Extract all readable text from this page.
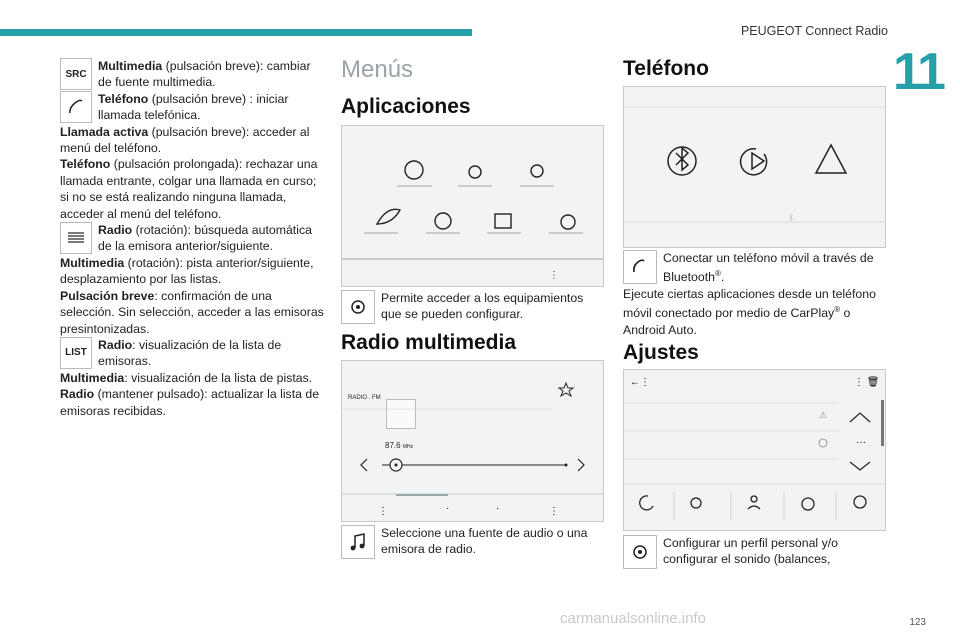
PEUGEOT Connect Radio
11
SRC

Multimedia (pulsación breve): cambiar de fuente multimedia.

Teléfono (pulsación breve) : iniciar llamada telefónica.

Llamada activa (pulsación breve): acceder al menú del teléfono.

Teléfono (pulsación prolongada): rechazar una llamada entrante, colgar una llamada en curso; si no se está realizando ninguna llamada, acceder al menú del teléfono.

Radio (rotación): búsqueda automática de la emisora anterior/siguiente.

Multimedia (rotación): pista anterior/siguiente, desplazamiento por las listas.

Pulsación breve: confirmación de una selección. Sin selección, acceder a las emisoras presintonizadas.

LIST

Radio: visualización de la lista de emisoras.

Multimedia: visualización de la lista de pistas.

Radio (mantener pulsado): actualizar la lista de emisoras recibidas.

Menús
Aplicaciones
⋮

Permite acceder a los equipamientos que se pueden configurar.

Radio multimedia
RADIO . FM
87.6 MHz
⋮	·	·	⋮

Seleccione una fuente de audio o una emisora de radio.

Teléfono
ᛒ

Conectar un teléfono móvil a través de Bluetooth®.

Ejecute ciertas aplicaciones desde un teléfono móvil conectado por medio de CarPlay® o Android Auto.

Ajustes
←⋮	⋮ 🗑
···
⚠

Configurar un perfil personal y/o configurar el sonido (balances,

carmanualsonline.info	123
